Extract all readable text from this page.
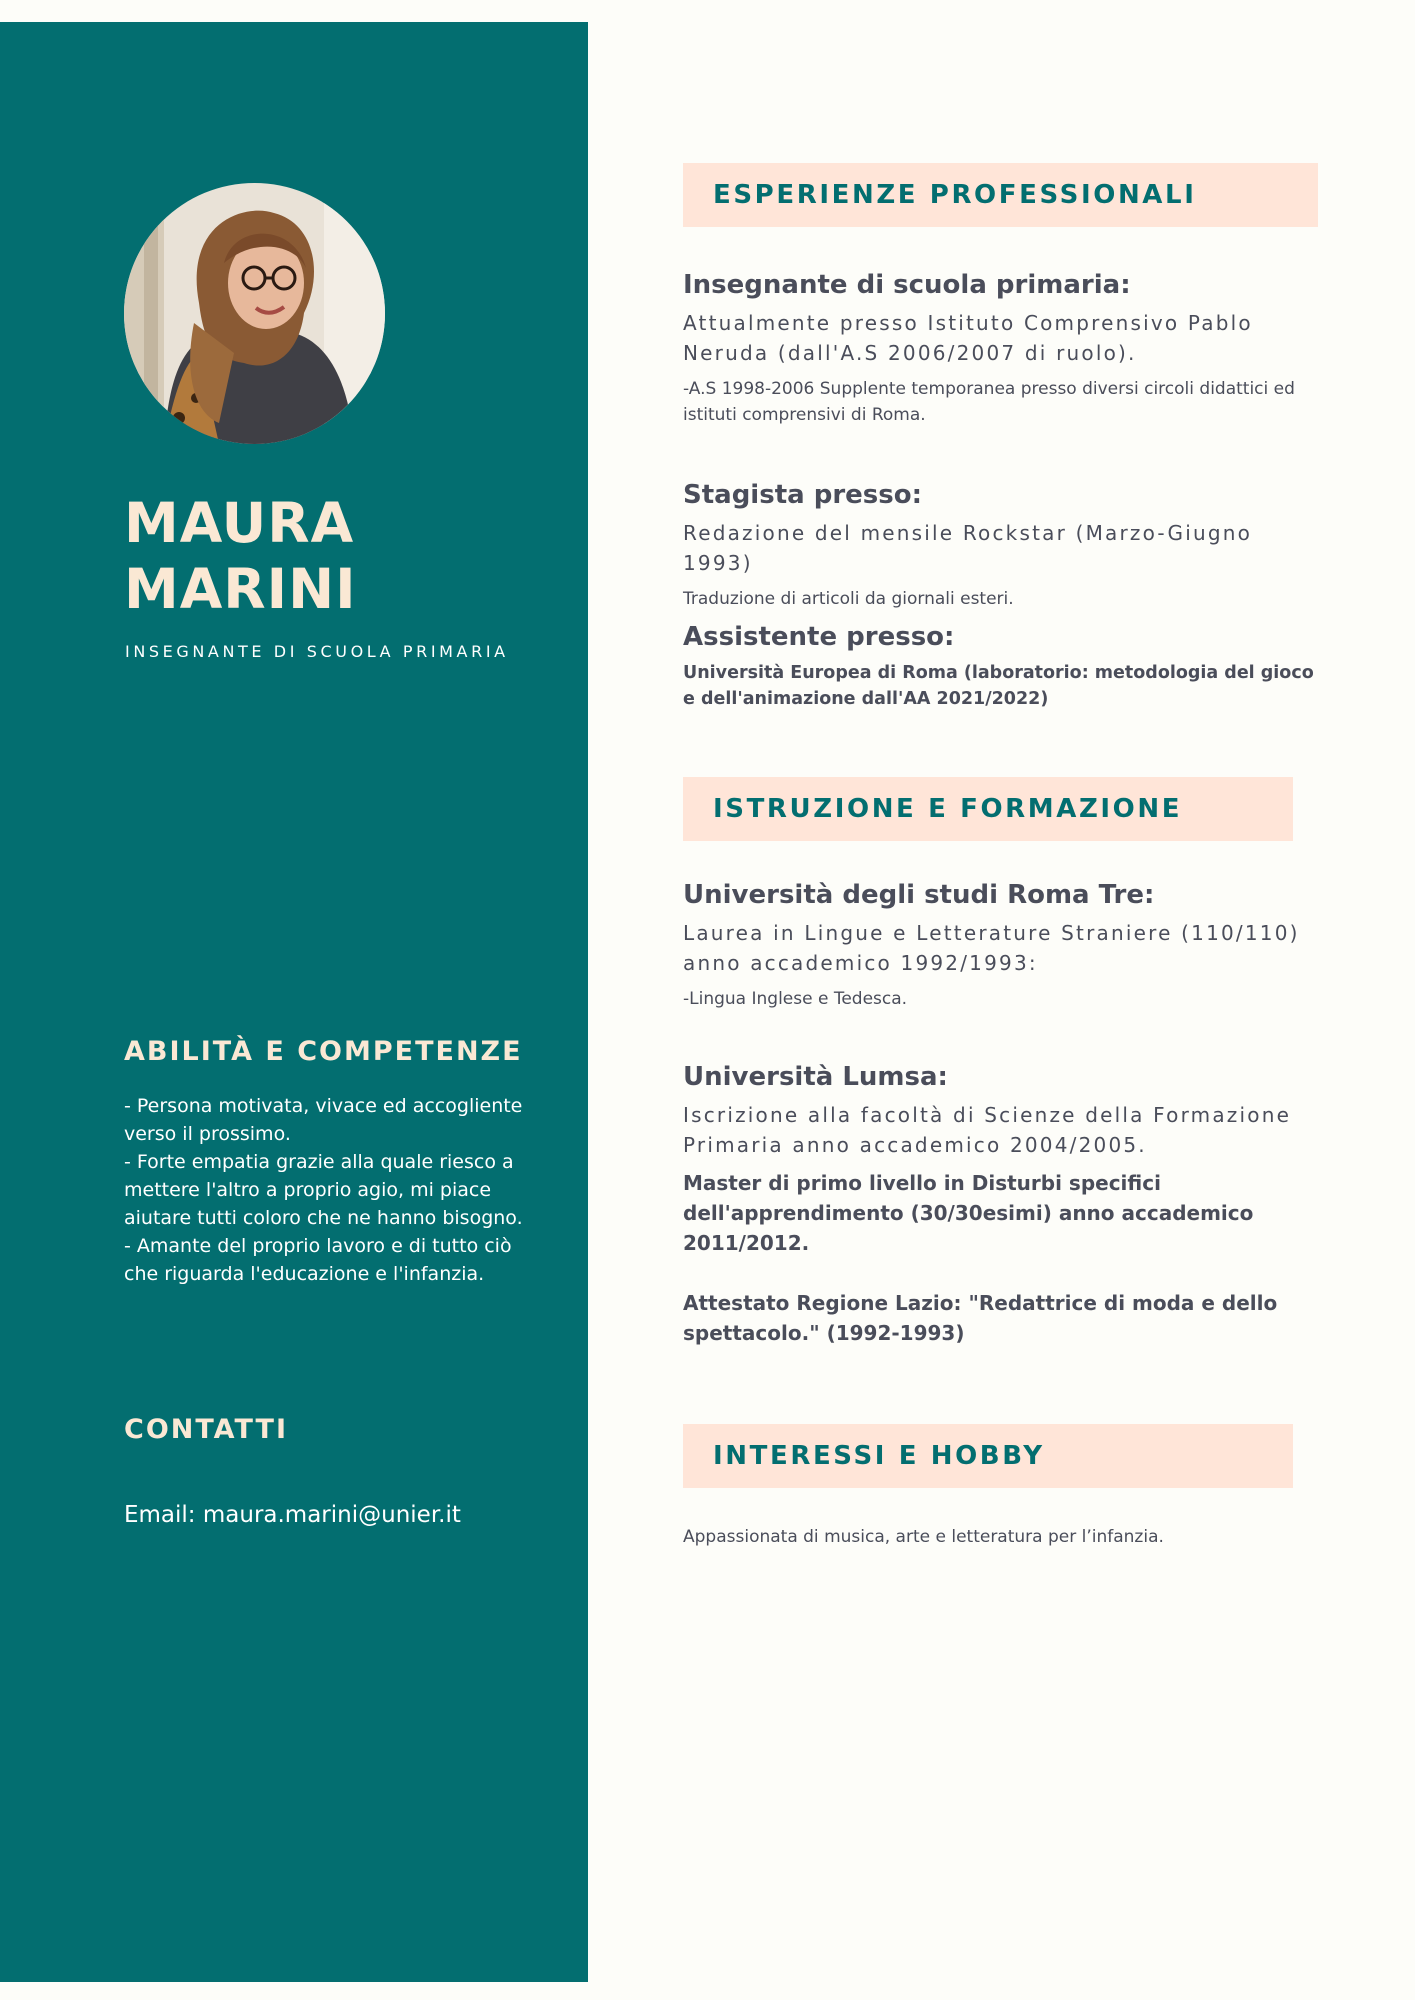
MAURA
MARINI
INSEGNANTE DI SCUOLA PRIMARIA
ABILITÀ E COMPETENZE
- Persona motivata, vivace ed accogliente verso il prossimo.
- Forte empatia grazie alla quale riesco a mettere l'altro a proprio agio, mi piace aiutare tutti coloro che ne hanno bisogno.
- Amante del proprio lavoro e di tutto ciò che riguarda l'educazione e l'infanzia.
CONTATTI
Email: maura.marini@unier.it
ESPERIENZE PROFESSIONALI
Insegnante di scuola primaria:
Attualmente presso Istituto Comprensivo Pablo Neruda (dall'A.S 2006/2007 di ruolo).
-A.S 1998-2006 Supplente temporanea presso diversi circoli didattici ed istituti comprensivi di Roma.
Stagista presso:
Redazione del mensile Rockstar (Marzo-Giugno 1993)
Traduzione di articoli da giornali esteri.
Assistente presso:
Università Europea di Roma (laboratorio: metodologia del gioco e dell'animazione dall'AA 2021/2022)
ISTRUZIONE E FORMAZIONE
Università degli studi Roma Tre:
Laurea in Lingue e Letterature Straniere (110/110) anno accademico 1992/1993:
-Lingua Inglese e Tedesca.
Università Lumsa:
Iscrizione alla facoltà di Scienze della Formazione Primaria anno accademico 2004/2005.
Master di primo livello in Disturbi specifici dell'apprendimento (30/30esimi) anno accademico 2011/2012.
Attestato Regione Lazio: "Redattrice di moda e dello spettacolo." (1992-1993)
INTERESSI E HOBBY
Appassionata di musica, arte e letteratura per l’infanzia.
